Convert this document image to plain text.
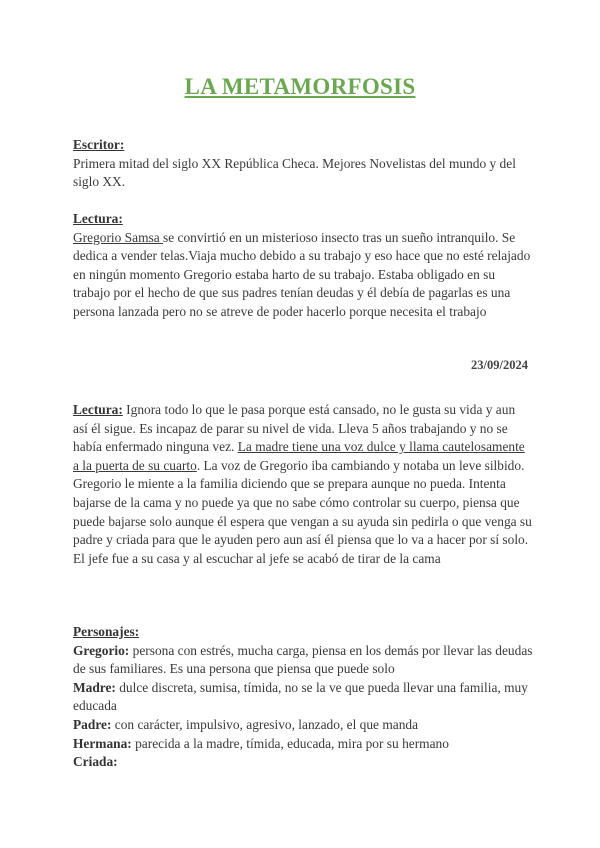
LA METAMORFOSIS
Escritor:
Primera mitad del siglo XX República Checa. Mejores Novelistas del mundo y del siglo XX.
Lectura:
Gregorio Samsa se convirtió en un misterioso insecto tras un sueño intranquilo. Se dedica a vender telas.Viaja mucho debido a su trabajo y eso hace que no esté relajado en ningún momento Gregorio estaba harto de su trabajo. Estaba obligado en su trabajo por el hecho de que sus padres tenían deudas y él debía de pagarlas es una persona lanzada pero no se atreve de poder hacerlo porque necesita el trabajo
23/09/2024
Lectura: Ignora todo lo que le pasa porque está cansado, no le gusta su vida y aun así él sigue. Es incapaz de parar su nivel de vida. Lleva 5 años trabajando y no se había enfermado ninguna vez. La madre tiene una voz dulce y llama cautelosamente a la puerta de su cuarto. La voz de Gregorio iba cambiando y notaba un leve silbido. Gregorio le miente a la familia diciendo que se prepara aunque no pueda. Intenta bajarse de la cama y no puede ya que no sabe cómo controlar su cuerpo, piensa que puede bajarse solo aunque él espera que vengan a su ayuda sin pedirla o que venga su padre y criada para que le ayuden pero aun así él piensa que lo va a hacer por sí solo. El jefe fue a su casa y al escuchar al jefe se acabó de tirar de la cama
Personajes:
Gregorio: persona con estrés, mucha carga, piensa en los demás por llevar las deudas de sus familiares. Es una persona que piensa que puede solo
Madre: dulce discreta, sumisa, tímida, no se la ve que pueda llevar una familia, muy educada
Padre: con carácter, impulsivo, agresivo, lanzado, el que manda
Hermana: parecida a la madre, tímida, educada, mira por su hermano
Criada:
